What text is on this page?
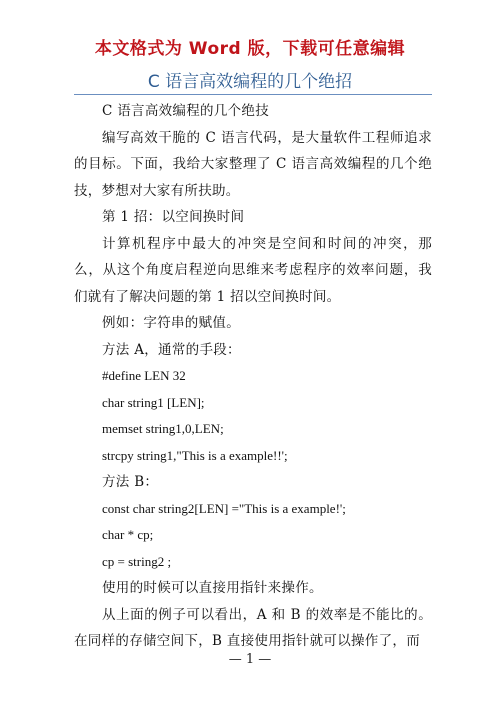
本文格式为 Word 版，下载可任意编辑
C 语言高效编程的几个绝招

C 语言高效编程的几个绝技

编写高效干脆的 C 语言代码，是大量软件工程师追求的目标。下面，我给大家整理了 C 语言高效编程的几个绝技，梦想对大家有所扶助。

第 1 招：以空间换时间

计算机程序中最大的冲突是空间和时间的冲突，那么，从这个角度启程逆向思维来考虑程序的效率问题，我们就有了解决问题的第 1 招以空间换时间。

例如：字符串的赋值。

方法 A，通常的手段：

#define LEN 32

char string1 [LEN];

memset string1,0,LEN;

strcpy string1,"This is a example!!';

方法 B：

const char string2[LEN] ="This is a example!';

char * cp;

cp = string2 ;

使用的时候可以直接用指针来操作。

从上面的例子可以看出，A 和 B 的效率是不能比的。在同样的存储空间下，B 直接使用指针就可以操作了，而

— 1 —
